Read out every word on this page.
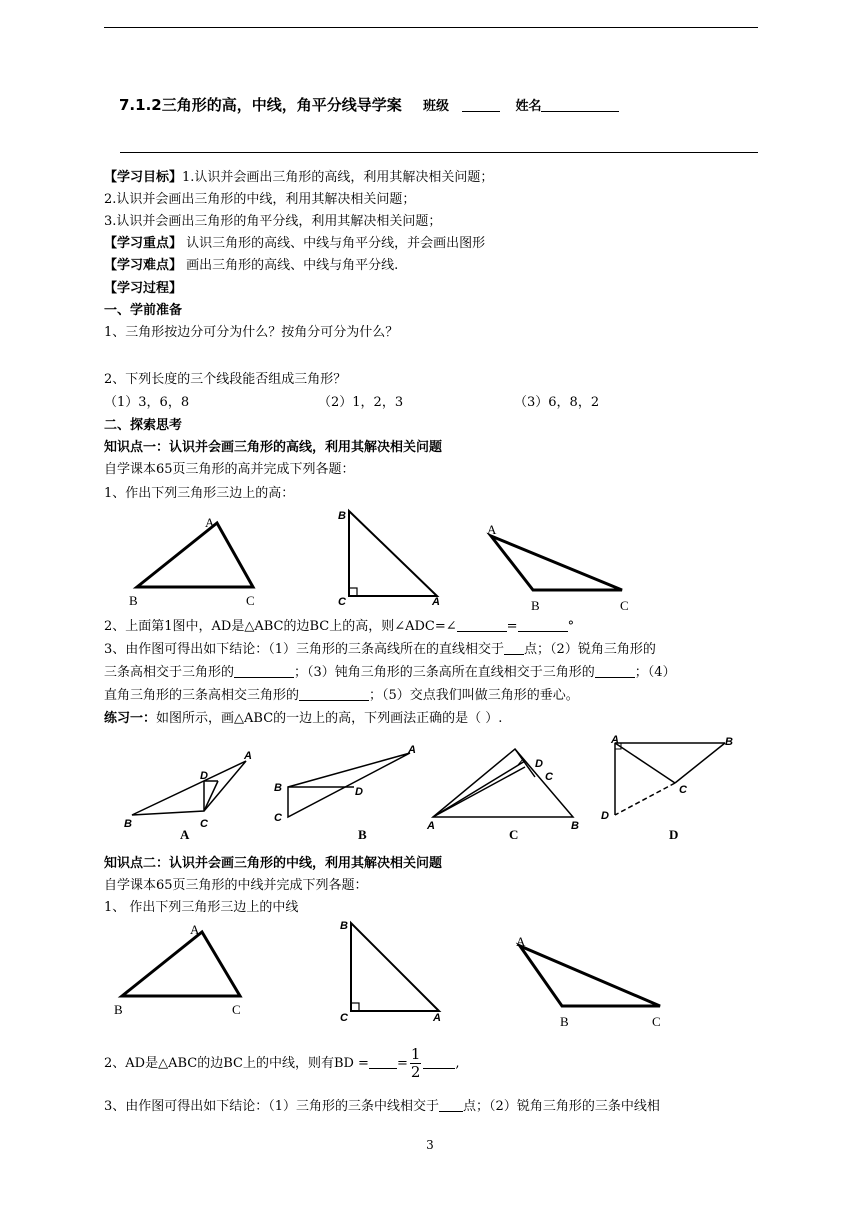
7.1.2三角形的高，中线，角平分线导学案 班级	姓名
【学习目标】1.认识并会画出三角形的高线，利用其解决相关问题；
2.认识并会画出三角形的中线，利用其解决相关问题；
3.认识并会画出三角形的角平分线，利用其解决相关问题；
【学习重点】 认识三角形的高线、中线与角平分线，并会画出图形
【学习难点】 画出三角形的高线、中线与角平分线.
【学习过程】
一、学前准备
1、三角形按边分可分为什么？按角分可分为什么？
2、下列长度的三个线段能否组成三角形？
（1）3，6，8	（2）1，2，3	（3）6，8，2
二、探索思考
知识点一：认识并会画三角形的高线，利用其解决相关问题
自学课本65页三角形的高并完成下列各题：
1、作出下列三角形三边上的高：
A
B	C
B
C	A
A
B	C
2、上面第1图中，AD是△ABC的边BC上的高，则∠ADC=∠	=	°
3、由作图可得出如下结论：（1）三角形的三条高线所在的直线相交于 点；（2）锐角三角形的
三条高相交于三角形的	；（3）钝角三角形的三条高所在直线相交于三角形的	；（4）
直角三角形的三条高相交三角形的	；（5）交点我们叫做三角形的垂心。
练习一：如图所示，画△ABC的一边上的高，下列画法正确的是（ ）.
B	C
D
A
A
B
C
D
A
B
A	B
D
C
C
A	B
C
D
D
知识点二：认识并会画三角形的中线，利用其解决相关问题
自学课本65页三角形的中线并完成下列各题：
1、 作出下列三角形三边上的中线
A
B	C
B
C	A
A
B	C
2、AD是△ABC的边BC上的中线，则有BD = = $\frac{1}{2}$	,
3、由作图可得出如下结论：（1）三角形的三条中线相交于 点；（2）锐角三角形的三条中线相
3
